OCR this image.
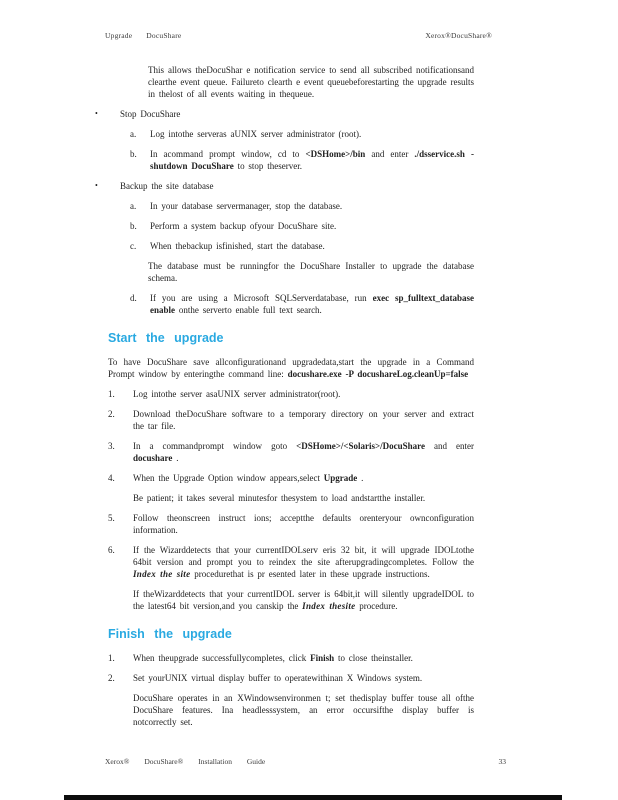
Upgrade DocuShare	Xerox®DocuShare®
This allows theDocuShar e notification service to send all subscribed notificationsand clearthe event queue. Failureto clearth e event queuebeforestarting the upgrade results in thelost of all events waiting in thequeue.
•	Stop DocuShare
a.	Log intothe serveras aUNIX server administrator (root).
b.	In acommand prompt window, cd to <DSHome>/bin and enter ./dsservice.sh -shutdown DocuShare to stop theserver.
•	Backup the site database
a.	In your database servermanager, stop the database.
b.	Perform a system backup ofyour DocuShare site.
c.	When thebackup isfinished, start the database.
The database must be runningfor the DocuShare Installer to upgrade the database schema.
d.	If you are using a Microsoft SQLServerdatabase, run exec sp_fulltext_database enable onthe serverto enable full text search.
Start the upgrade
To have DocuShare save allconfigurationand upgradedata,start the upgrade in a Command Prompt window by enteringthe command line: docushare.exe -P docushareLog.cleanUp=false
1.	Log intothe server asaUNIX server administrator(root).
2.	Download theDocuShare software to a temporary directory on your server and extract the tar file.
3.	In a commandprompt window goto <DSHome>/<Solaris>/DocuShare and enter docushare .
4.	When the Upgrade Option window appears,select Upgrade .
Be patient; it takes several minutesfor thesystem to load andstartthe installer.
5.	Follow theonscreen instruct ions; acceptthe defaults orenteryour ownconfiguration information.
6.	If the Wizarddetects that your currentIDOLserv eris 32 bit, it will upgrade IDOLtothe 64bit version and prompt you to reindex the site afterupgradingcompletes. Follow the Index the site procedurethat is pr esented later in these upgrade instructions.
If theWizarddetects that your currentIDOL server is 64bit,it will silently upgradeIDOL to the latest64 bit version,and you canskip the Index thesite procedure.
Finish the upgrade
1.	When theupgrade successfullycompletes, click Finish to close theinstaller.
2.	Set yourUNIX virtual display buffer to operatewithinan X Windows system.
DocuShare operates in an XWindowsenvironmen t; set thedisplay buffer touse all ofthe DocuShare features. Ina headlesssystem, an error occursifthe display buffer is notcorrectly set.
Xerox® DocuShare® Installation Guide	33
